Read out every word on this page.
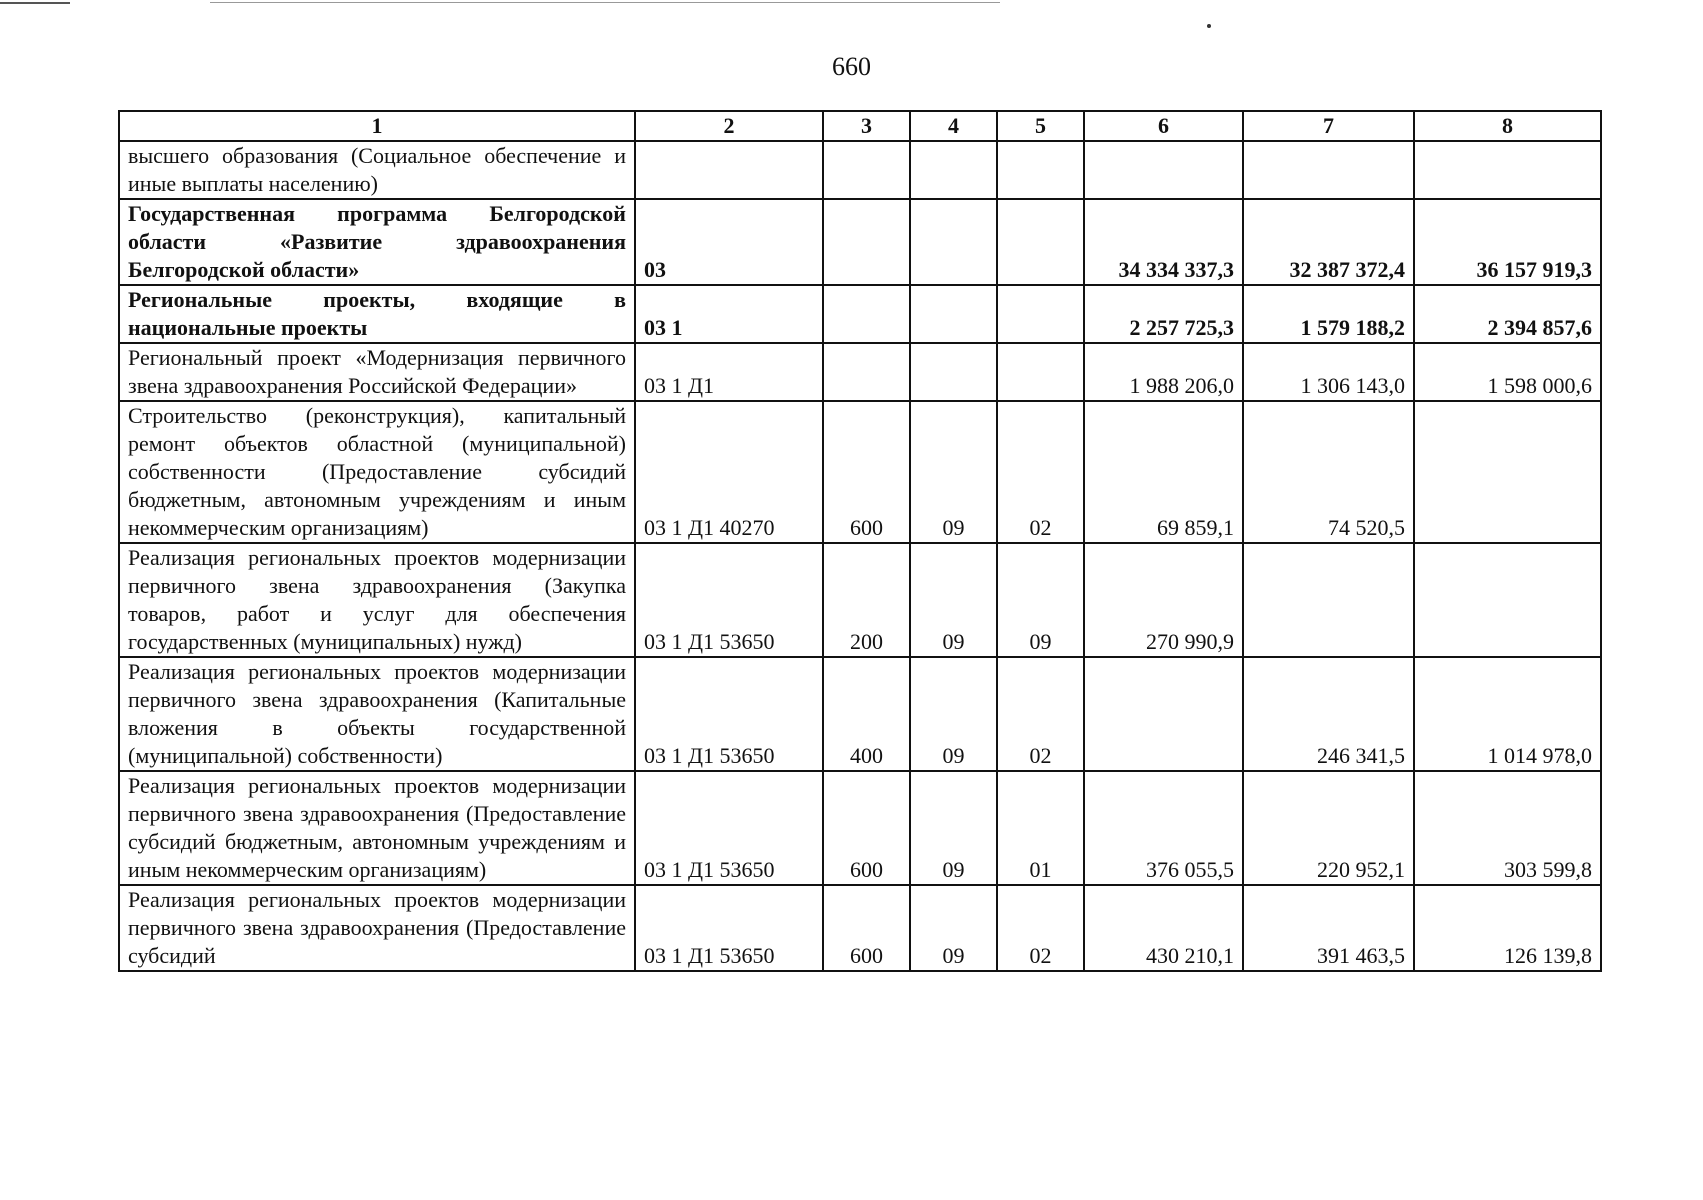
660
1	2	3	4	5	6	7	8
высшего образования (Социальное обеспечение и иные выплаты населению)							
Государственная программа Белгородской области «Развитие здравоохранения Белгородской области»	03				34 334 337,3	32 387 372,4	36 157 919,3
Региональные проекты, входящие в национальные проекты	03 1				2 257 725,3	1 579 188,2	2 394 857,6
Региональный проект «Модернизация первичного звена здравоохранения Российской Федерации»	03 1 Д1				1 988 206,0	1 306 143,0	1 598 000,6
Строительство (реконструкция), капитальный ремонт объектов областной (муниципальной) собственности (Предоставление субсидий бюджетным, автономным учреждениям и иным некоммерческим организациям)	03 1 Д1 40270	600	09	02	69 859,1	74 520,5	
Реализация региональных проектов модернизации первичного звена здравоохранения (Закупка товаров, работ и услуг для обеспечения государственных (муниципальных) нужд)	03 1 Д1 53650	200	09	09	270 990,9		
Реализация региональных проектов модернизации первичного звена здравоохранения (Капитальные вложения в объекты государственной (муниципальной) собственности)	03 1 Д1 53650	400	09	02		246 341,5	1 014 978,0
Реализация региональных проектов модернизации первичного звена здравоохранения (Предоставление субсидий бюджетным, автономным учреждениям и иным некоммерческим организациям)	03 1 Д1 53650	600	09	01	376 055,5	220 952,1	303 599,8
Реализация региональных проектов модернизации первичного звена здравоохранения (Предоставление субсидий	03 1 Д1 53650	600	09	02	430 210,1	391 463,5	126 139,8
